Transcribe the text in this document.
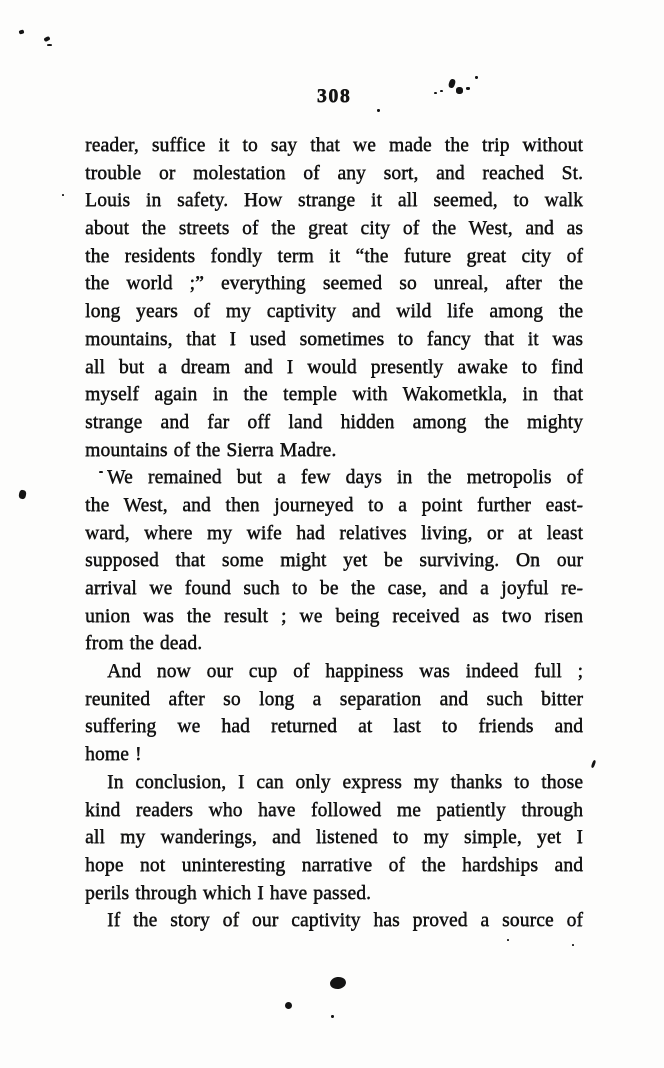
308
reader, suffice it to say that we made the trip without
trouble or molestation of any sort, and reached St.
Louis in safety. How strange it all seemed, to walk
about the streets of the great city of the West, and as
the residents fondly term it “the future great city of
the world ;” everything seemed so unreal, after the
long years of my captivity and wild life among the
mountains, that I used sometimes to fancy that it was
all but a dream and I would presently awake to find
myself again in the temple with Wakometkla, in that
strange and far off land hidden among the mighty
mountains of the Sierra Madre.
We remained but a few days in the metropolis of
the West, and then journeyed to a point further east-
ward, where my wife had relatives living, or at least
supposed that some might yet be surviving. On our
arrival we found such to be the case, and a joyful re-
union was the result ; we being received as two risen
from the dead.
And now our cup of happiness was indeed full ;
reunited after so long a separation and such bitter
suffering we had returned at last to friends and
home !
In conclusion, I can only express my thanks to those
kind readers who have followed me patiently through
all my wanderings, and listened to my simple, yet I
hope not uninteresting narrative of the hardships and
perils through which I have passed.
If the story of our captivity has proved a source of
